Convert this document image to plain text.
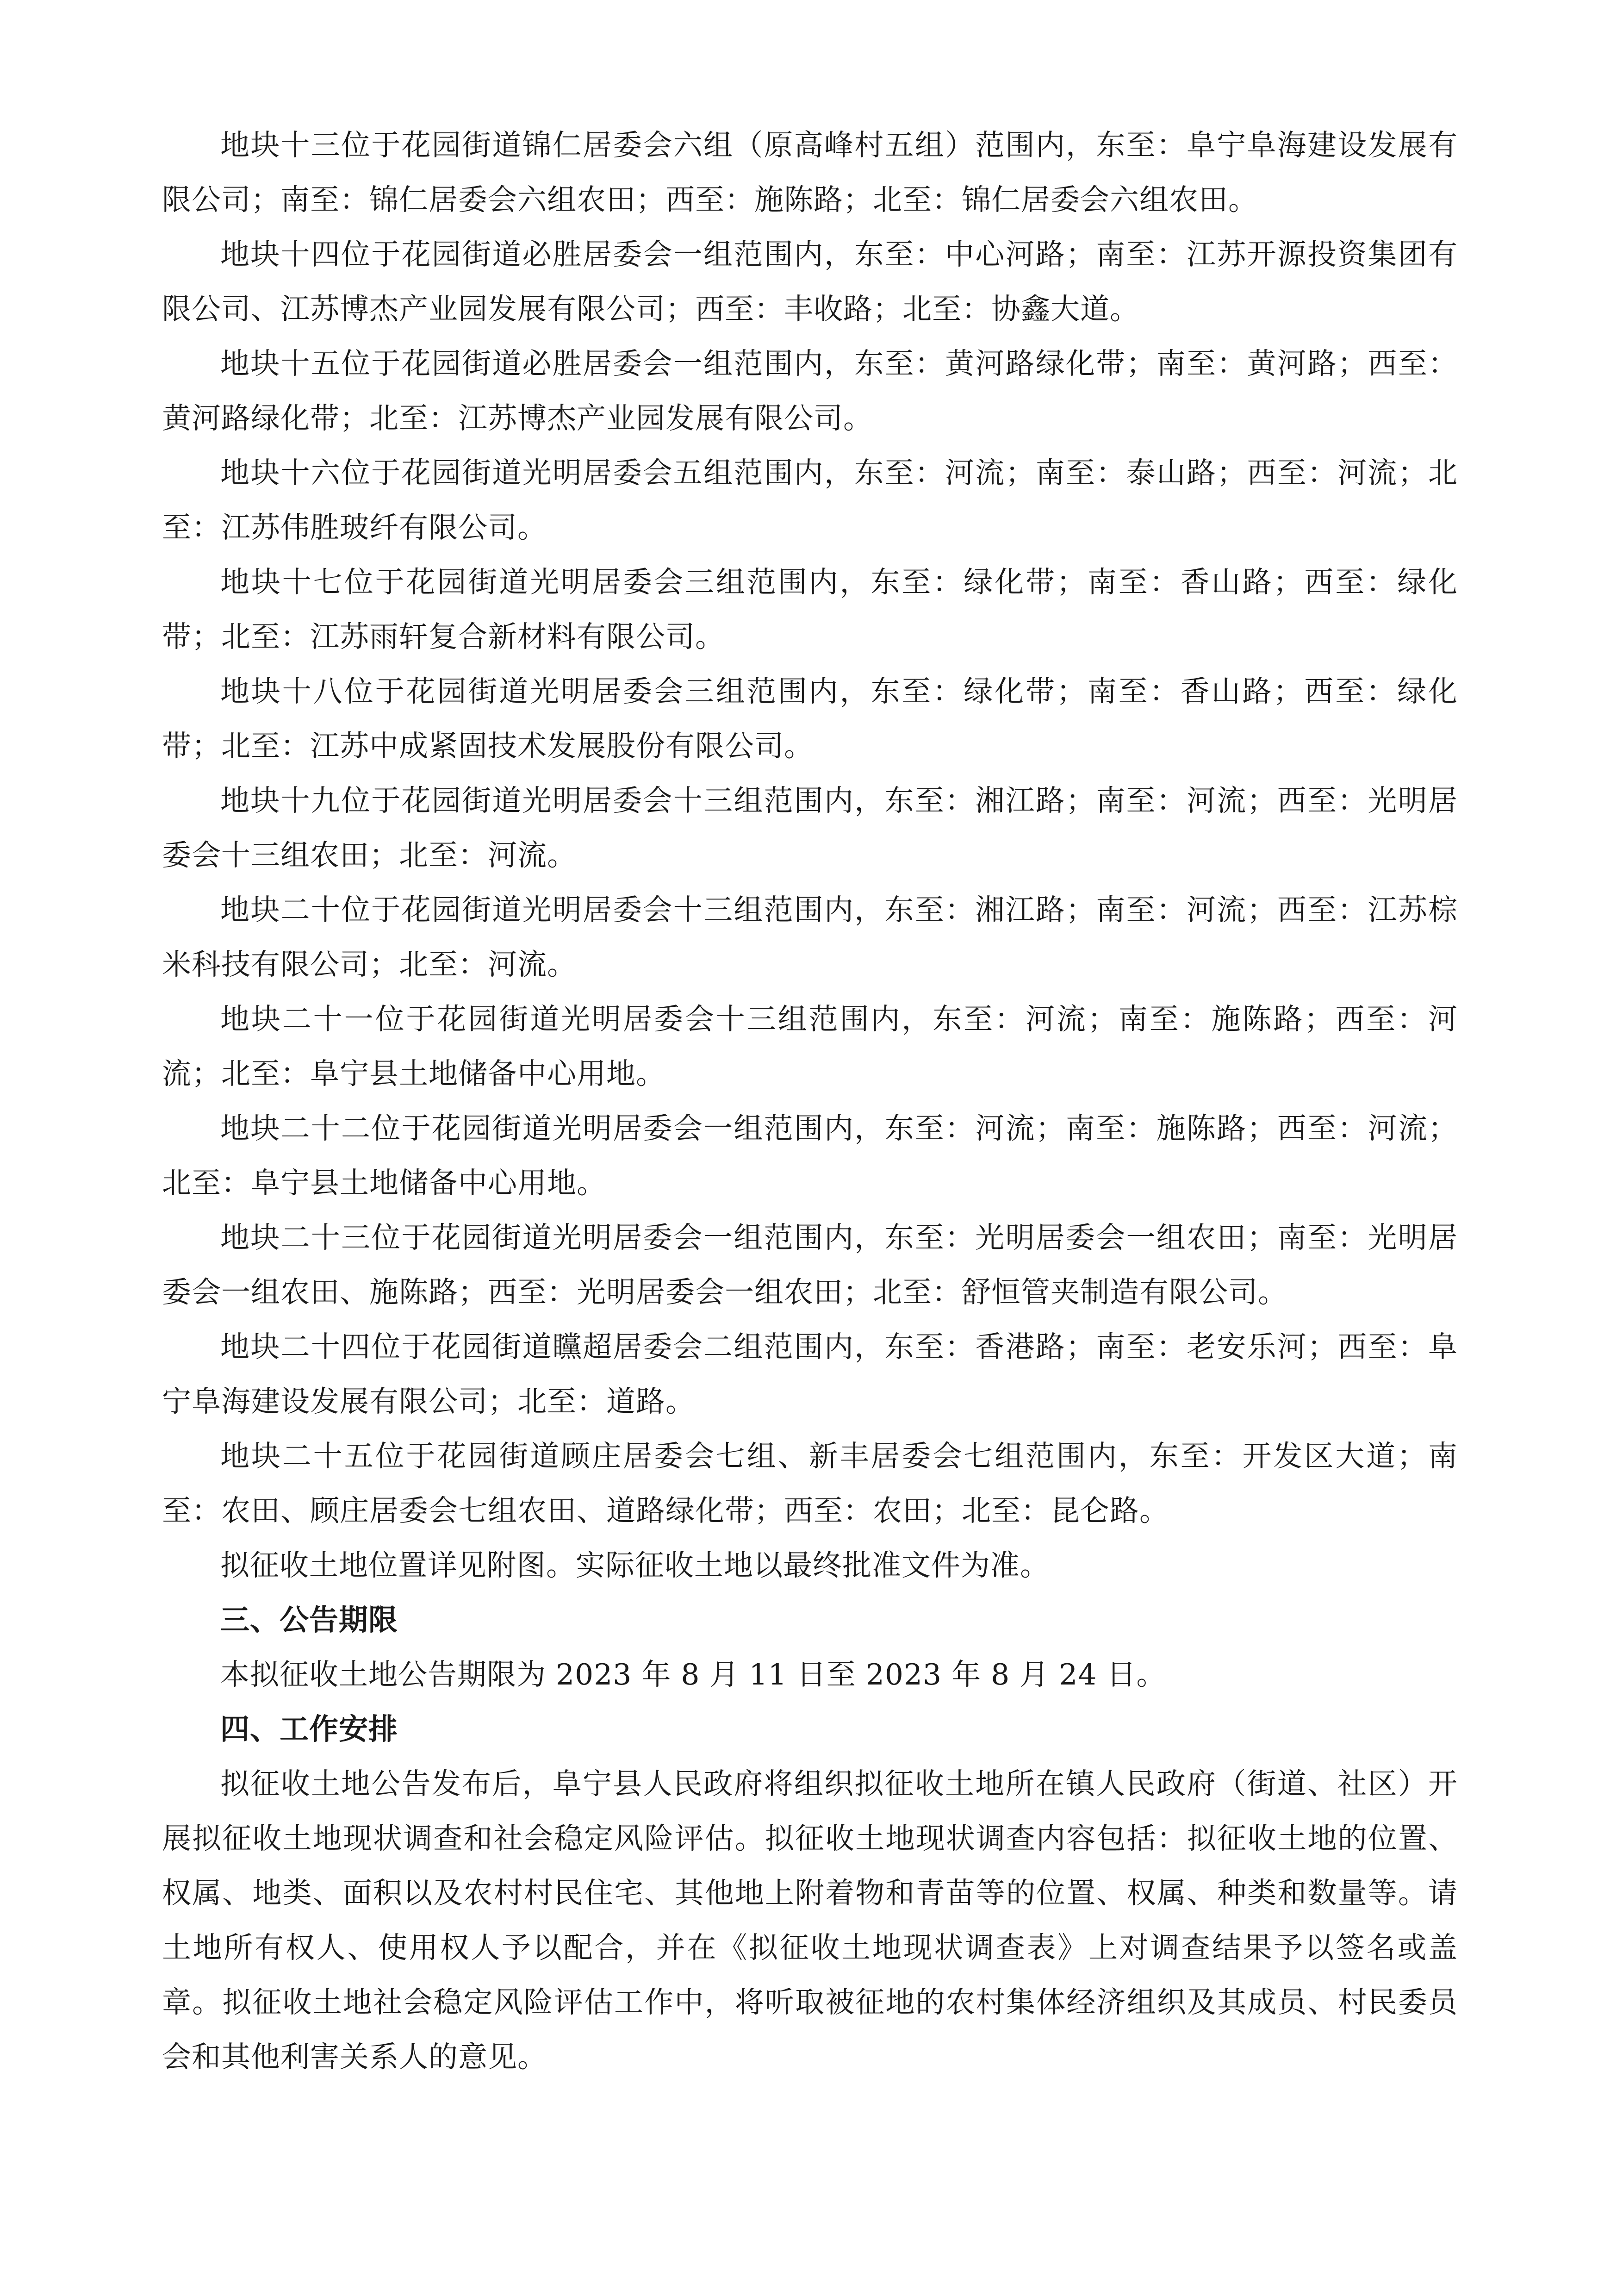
地块十三位于花园街道锦仁居委会六组（原高峰村五组）范围内，东至：阜宁阜海建设发展有限公司；南至：锦仁居委会六组农田；西至：施陈路；北至：锦仁居委会六组农田。

地块十四位于花园街道必胜居委会一组范围内，东至：中心河路；南至：江苏开源投资集团有限公司、江苏博杰产业园发展有限公司；西至：丰收路；北至：协鑫大道。

地块十五位于花园街道必胜居委会一组范围内，东至：黄河路绿化带；南至：黄河路；西至：黄河路绿化带；北至：江苏博杰产业园发展有限公司。

地块十六位于花园街道光明居委会五组范围内，东至：河流；南至：泰山路；西至：河流；北至：江苏伟胜玻纤有限公司。

地块十七位于花园街道光明居委会三组范围内，东至：绿化带；南至：香山路；西至：绿化带；北至：江苏雨轩复合新材料有限公司。

地块十八位于花园街道光明居委会三组范围内，东至：绿化带；南至：香山路；西至：绿化带；北至：江苏中成紧固技术发展股份有限公司。

地块十九位于花园街道光明居委会十三组范围内，东至：湘江路；南至：河流；西至：光明居委会十三组农田；北至：河流。

地块二十位于花园街道光明居委会十三组范围内，东至：湘江路；南至：河流；西至：江苏棕米科技有限公司；北至：河流。

地块二十一位于花园街道光明居委会十三组范围内，东至：河流；南至：施陈路；西至：河流；北至：阜宁县土地储备中心用地。

地块二十二位于花园街道光明居委会一组范围内，东至：河流；南至：施陈路；西至：河流；北至：阜宁县土地储备中心用地。

地块二十三位于花园街道光明居委会一组范围内，东至：光明居委会一组农田；南至：光明居委会一组农田、施陈路；西至：光明居委会一组农田；北至：舒恒管夹制造有限公司。

地块二十四位于花园街道矘超居委会二组范围内，东至：香港路；南至：老安乐河；西至：阜宁阜海建设发展有限公司；北至：道路。

地块二十五位于花园街道顾庄居委会七组、新丰居委会七组范围内，东至：开发区大道；南至：农田、顾庄居委会七组农田、道路绿化带；西至：农田；北至：昆仑路。

拟征收土地位置详见附图。实际征收土地以最终批准文件为准。

三、公告期限

本拟征收土地公告期限为 2023 年 8 月 11 日至 2023 年 8 月 24 日。

四、工作安排

拟征收土地公告发布后，阜宁县人民政府将组织拟征收土地所在镇人民政府（街道、社区）开展拟征收土地现状调查和社会稳定风险评估。拟征收土地现状调查内容包括：拟征收土地的位置、权属、地类、面积以及农村村民住宅、其他地上附着物和青苗等的位置、权属、种类和数量等。请土地所有权人、使用权人予以配合，并在《拟征收土地现状调查表》上对调查结果予以签名或盖章。拟征收土地社会稳定风险评估工作中，将听取被征地的农村集体经济组织及其成员、村民委员会和其他利害关系人的意见。
